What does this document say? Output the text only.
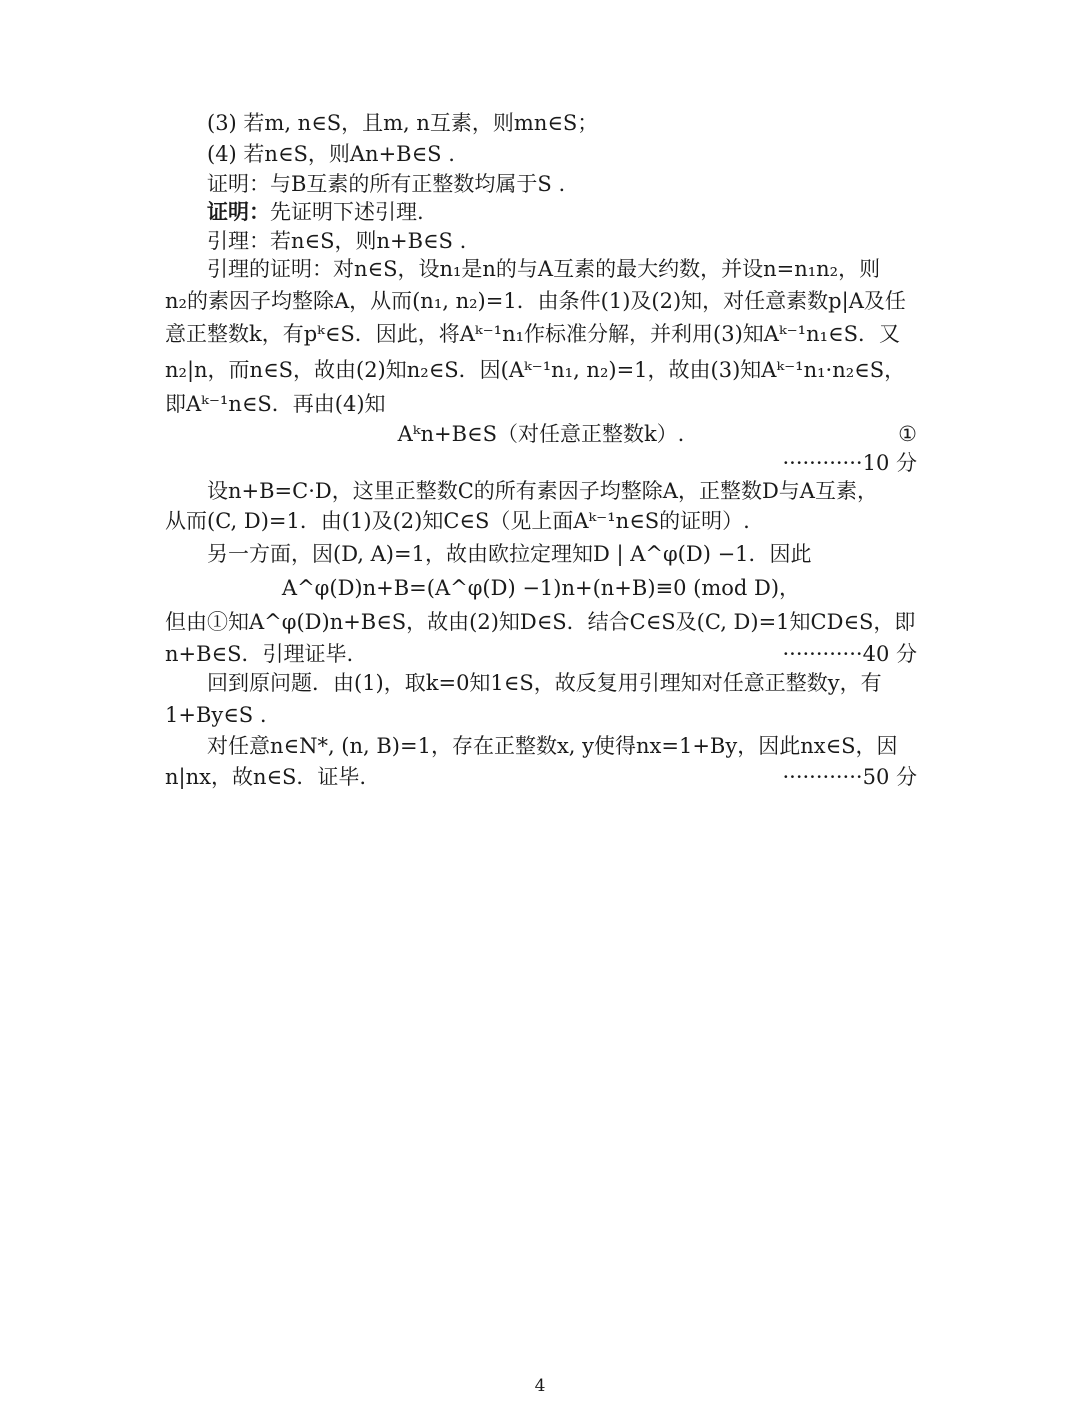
(3) 若m, n∈S，且m, n互素，则mn∈S；
(4) 若n∈S，则An+B∈S .
证明：与B互素的所有正整数均属于S .
证明：先证明下述引理.
引理：若n∈S，则n+B∈S .
引理的证明：对n∈S，设n₁是n的与A互素的最大约数，并设n=n₁n₂，则
n₂的素因子均整除A，从而(n₁, n₂)=1．由条件(1)及(2)知，对任意素数p|A及任
意正整数k，有pᵏ∈S．因此，将Aᵏ⁻¹n₁作标准分解，并利用(3)知Aᵏ⁻¹n₁∈S．又
n₂|n，而n∈S，故由(2)知n₂∈S．因(Aᵏ⁻¹n₁, n₂)=1，故由(3)知Aᵏ⁻¹n₁·n₂∈S，
即Aᵏ⁻¹n∈S．再由(4)知
Aᵏn+B∈S（对任意正整数k）.	①
············10 分
设n+B=C·D，这里正整数C的所有素因子均整除A，正整数D与A互素，
从而(C, D)=1．由(1)及(2)知C∈S（见上面Aᵏ⁻¹n∈S的证明）.
另一方面，因(D, A)=1，故由欧拉定理知D | A^φ(D) −1．因此
A^φ(D)n+B=(A^φ(D) −1)n+(n+B)≡0 (mod D)，
但由①知A^φ(D)n+B∈S，故由(2)知D∈S．结合C∈S及(C, D)=1知CD∈S，即
n+B∈S．引理证毕.	············40 分
回到原问题．由(1)，取k=0知1∈S，故反复用引理知对任意正整数y，有
1+By∈S .
对任意n∈N*, (n, B)=1，存在正整数x, y使得nx=1+By，因此nx∈S，因
n|nx，故n∈S．证毕.	············50 分
4
